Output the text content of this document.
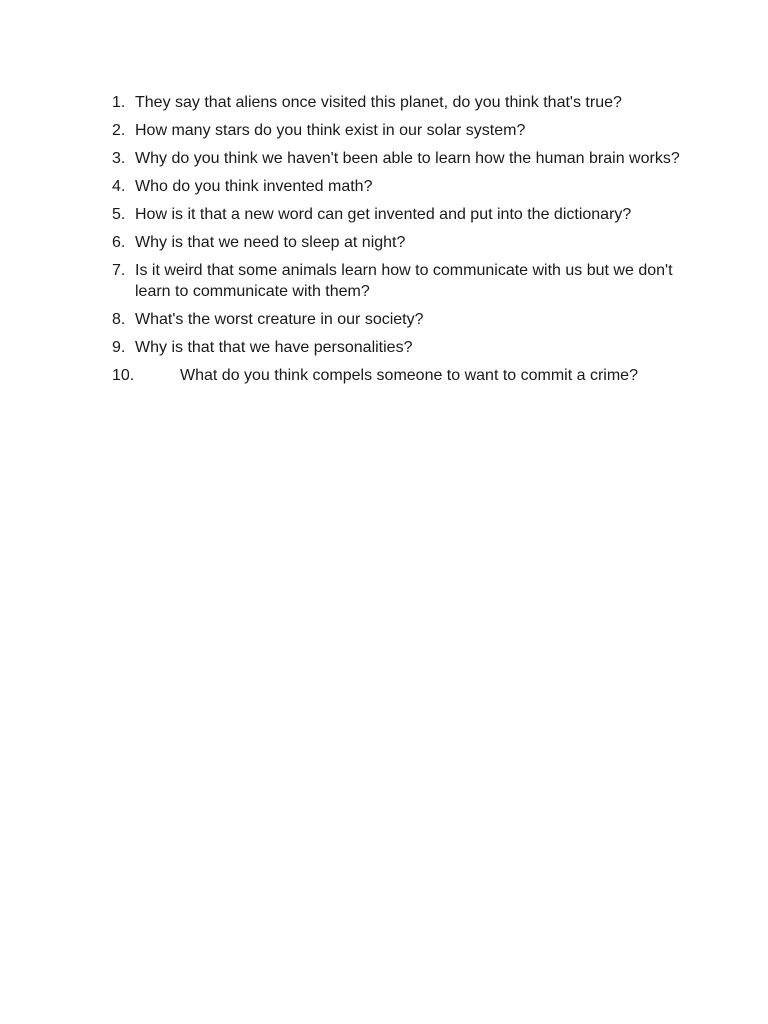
1. They say that aliens once visited this planet, do you think that's true?
2. How many stars do you think exist in our solar system?
3. Why do you think we haven't been able to learn how the human brain works?
4. Who do you think invented math?
5. How is it that a new word can get invented and put into the dictionary?
6. Why is that we need to sleep at night?
7. Is it weird that some animals learn how to communicate with us but we don't learn to communicate with them?
8. What's the worst creature in our society?
9. Why is that that we have personalities?
10.	What do you think compels someone to want to commit a crime?
